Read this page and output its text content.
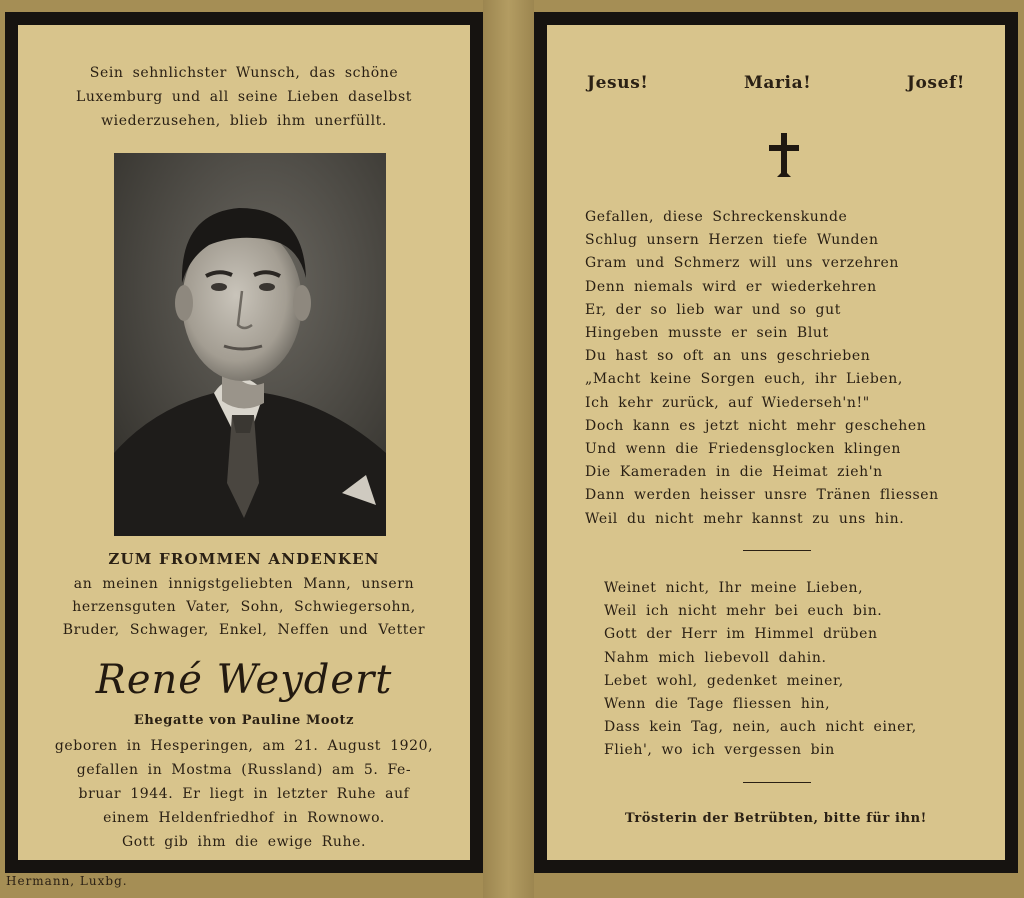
Sein sehnlichster Wunsch, das schöne
Luxemburg und all seine Lieben daselbst
wiederzusehen, blieb ihm unerfüllt.
ZUM FROMMEN ANDENKEN
an meinen innigstgeliebten Mann, unsern
herzensguten Vater, Sohn, Schwiegersohn,
Bruder, Schwager, Enkel, Neffen und Vetter
René Weydert
Ehegatte von Pauline Mootz
geboren in Hesperingen, am 21. August 1920,
gefallen in Mostma (Russland) am 5. Fe-
bruar 1944. Er liegt in letzter Ruhe auf
einem Heldenfriedhof in Rownowo.
Gott gib ihm die ewige Ruhe.
Hermann, Luxbg.
Jesus!	Maria!	Josef!
Gefallen, diese Schreckenskunde
Schlug unsern Herzen tiefe Wunden
Gram und Schmerz will uns verzehren
Denn niemals wird er wiederkehren
Er, der so lieb war und so gut
Hingeben musste er sein Blut
Du hast so oft an uns geschrieben
„Macht keine Sorgen euch, ihr Lieben,
Ich kehr zurück, auf Wiederseh'n!"
Doch kann es jetzt nicht mehr geschehen
Und wenn die Friedensglocken klingen
Die Kameraden in die Heimat zieh'n
Dann werden heisser unsre Tränen fliessen
Weil du nicht mehr kannst zu uns hin.
Weinet nicht, Ihr meine Lieben,
Weil ich nicht mehr bei euch bin.
Gott der Herr im Himmel drüben
Nahm mich liebevoll dahin.
Lebet wohl, gedenket meiner,
Wenn die Tage fliessen hin,
Dass kein Tag, nein, auch nicht einer,
Flieh', wo ich vergessen bin
Trösterin der Betrübten, bitte für ihn!
